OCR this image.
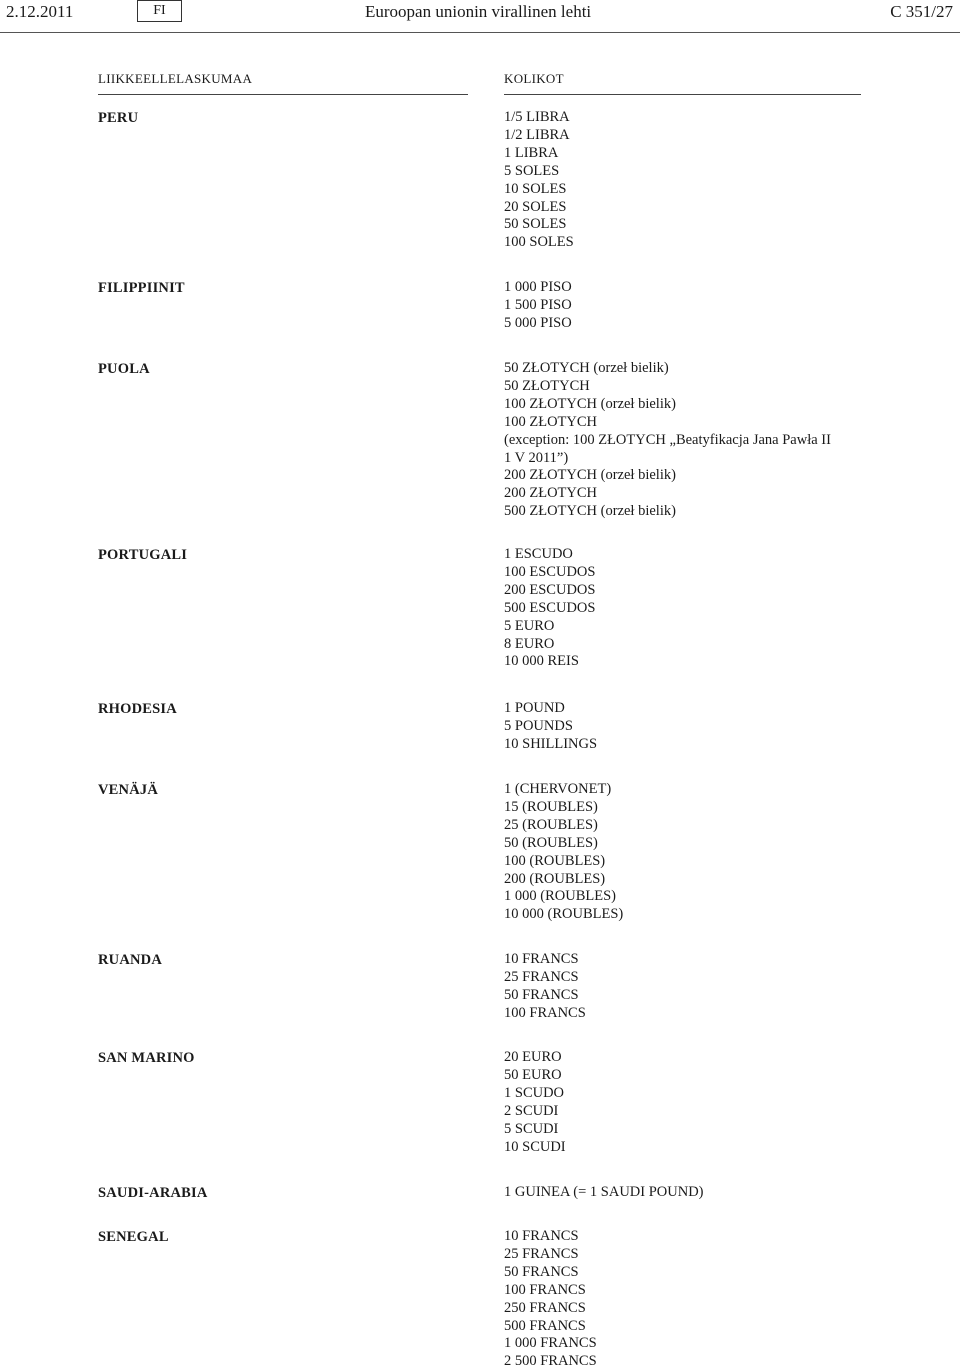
2.12.2011	FI	Euroopan unionin virallinen lehti	C 351/27
LIIKKEELLELASKUMAA	KOLIKOT
PERU	1/5 LIBRA
1/2 LIBRA
1 LIBRA
5 SOLES
10 SOLES
20 SOLES
50 SOLES
100 SOLES
FILIPPIINIT	1 000 PISO
1 500 PISO
5 000 PISO
PUOLA	50 ZŁOTYCH (orzeł bielik)
50 ZŁOTYCH
100 ZŁOTYCH (orzeł bielik)
100 ZŁOTYCH
(exception: 100 ZŁOTYCH „Beatyfikacja Jana Pawła II
1 V 2011”)
200 ZŁOTYCH (orzeł bielik)
200 ZŁOTYCH
500 ZŁOTYCH (orzeł bielik)
PORTUGALI	1 ESCUDO
100 ESCUDOS
200 ESCUDOS
500 ESCUDOS
5 EURO
8 EURO
10 000 REIS
RHODESIA	1 POUND
5 POUNDS
10 SHILLINGS
VENÄJÄ	1 (CHERVONET)
15 (ROUBLES)
25 (ROUBLES)
50 (ROUBLES)
100 (ROUBLES)
200 (ROUBLES)
1 000 (ROUBLES)
10 000 (ROUBLES)
RUANDA	10 FRANCS
25 FRANCS
50 FRANCS
100 FRANCS
SAN MARINO	20 EURO
50 EURO
1 SCUDO
2 SCUDI
5 SCUDI
10 SCUDI
SAUDI-ARABIA	1 GUINEA (= 1 SAUDI POUND)
SENEGAL	10 FRANCS
25 FRANCS
50 FRANCS
100 FRANCS
250 FRANCS
500 FRANCS
1 000 FRANCS
2 500 FRANCS
